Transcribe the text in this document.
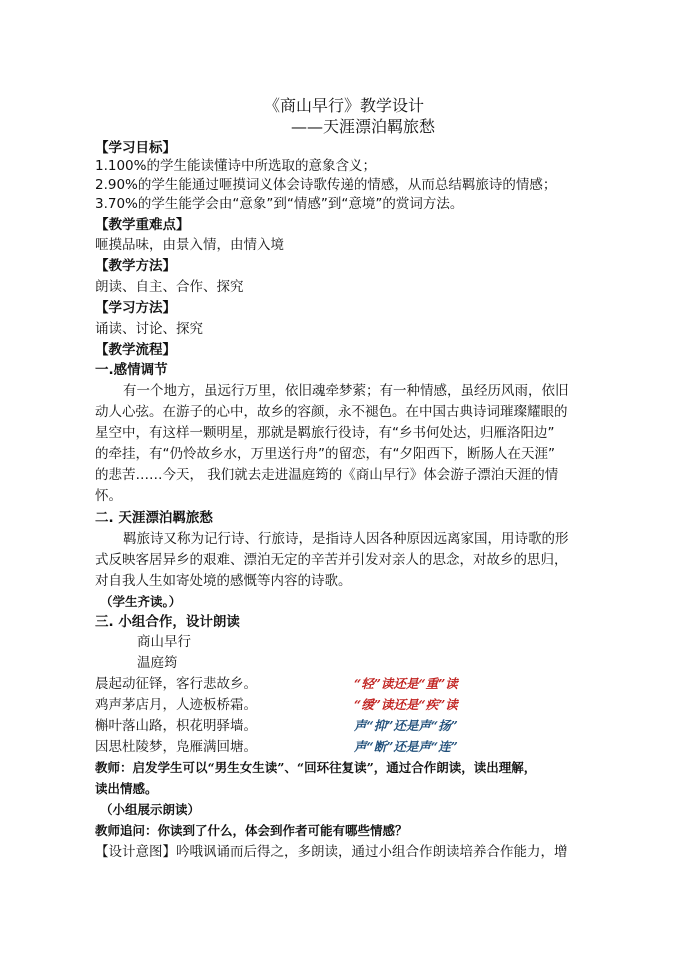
《商山早行》教学设计
——天涯漂泊羁旅愁
【学习目标】
1.100%的学生能读懂诗中所选取的意象含义；
2.90%的学生能通过咂摸词义体会诗歌传递的情感，从而总结羁旅诗的情感；
3.70%的学生能学会由“意象”到“情感”到“意境”的赏词方法。
【教学重难点】
咂摸品味，由景入情，由情入境
【教学方法】
朗读、自主、合作、探究
【学习方法】
诵读、讨论、探究
【教学流程】
一.感情调节
有一个地方，虽远行万里，依旧魂牵梦萦；有一种情感，虽经历风雨，依旧
动人心弦。在游子的心中，故乡的容颜，永不褪色。在中国古典诗词璀璨耀眼的
星空中，有这样一颗明星，那就是羁旅行役诗，有“乡书何处达，归雁洛阳边”
的牵挂，有“仍怜故乡水，万里送行舟”的留恋，有“夕阳西下，断肠人在天涯”
的悲苦……今天， 我们就去走进温庭筠的《商山早行》体会游子漂泊天涯的情
怀。
二. 天涯漂泊羁旅愁
羁旅诗又称为记行诗、行旅诗，是指诗人因各种原因远离家国，用诗歌的形
式反映客居异乡的艰难、漂泊无定的辛苦并引发对亲人的思念，对故乡的思归，
对自我人生如寄处境的感慨等内容的诗歌。
（学生齐读。）
三. 小组合作，设计朗读
商山早行
温庭筠
晨起动征铎，客行悲故乡。	“轻”读还是“重”读
鸡声茅店月，人迹板桥霜。	“缓”读还是“疾”读
槲叶落山路，枳花明驿墙。	声“抑”还是声“扬”
因思杜陵梦，凫雁满回塘。	声“断”还是声“连”
教师：启发学生可以“男生女生读”、“回环往复读”，通过合作朗读，读出理解，
读出情感。
（小组展示朗读）
教师追问：你读到了什么，体会到作者可能有哪些情感？
【设计意图】吟哦讽诵而后得之，多朗读，通过小组合作朗读培养合作能力，增
